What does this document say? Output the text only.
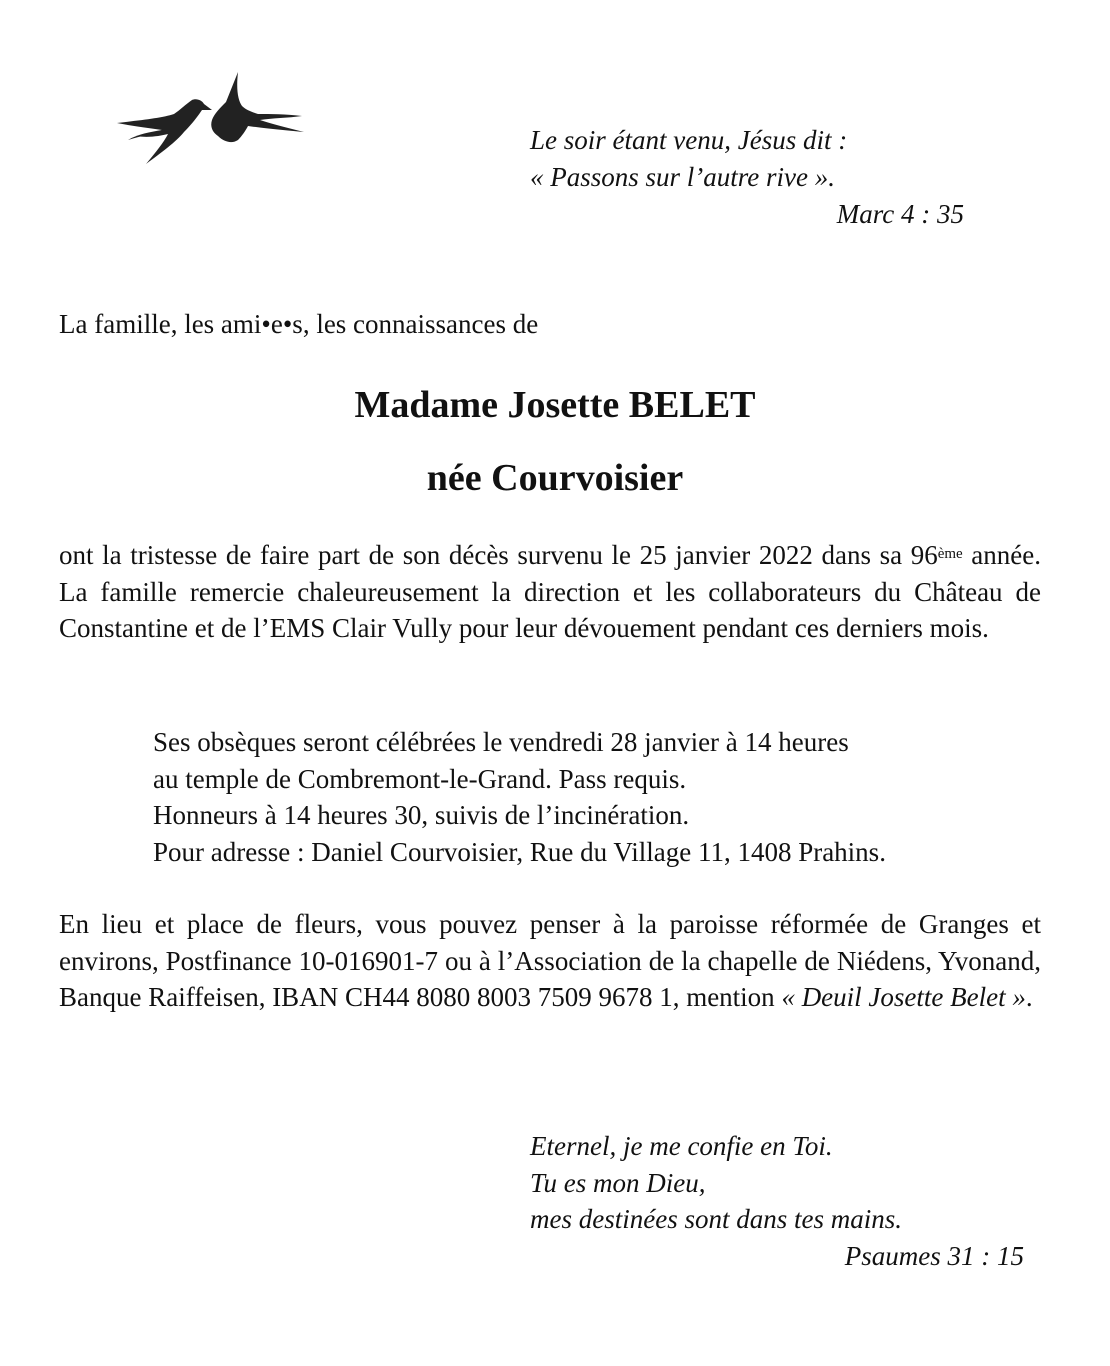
Le soir étant venu, Jésus dit :
« Passons sur l’autre rive ».
Marc 4 : 35
La famille, les ami•e•s, les connaissances de
Madame Josette BELET
née Courvoisier
ont la tristesse de faire part de son décès survenu le 25 janvier 2022 dans sa 96ème année. La famille remercie chaleureusement la direction et les collaborateurs du Château de Constantine et de l’EMS Clair Vully pour leur dévouement pendant ces derniers mois.
Ses obsèques seront célébrées le vendredi 28 janvier à 14 heures
au temple de Combremont-le-Grand. Pass requis.
Honneurs à 14 heures 30, suivis de l’incinération.
Pour adresse : Daniel Courvoisier, Rue du Village 11, 1408 Prahins.
En lieu et place de fleurs, vous pouvez penser à la paroisse réformée de Granges et environs, Postfinance 10-016901-7 ou à l’Association de la chapelle de Niédens, Yvonand, Banque Raiffeisen, IBAN CH44 8080 8003 7509 9678 1, mention « Deuil Josette Belet ».
Eternel, je me confie en Toi.
Tu es mon Dieu,
mes destinées sont dans tes mains.
Psaumes 31 : 15
